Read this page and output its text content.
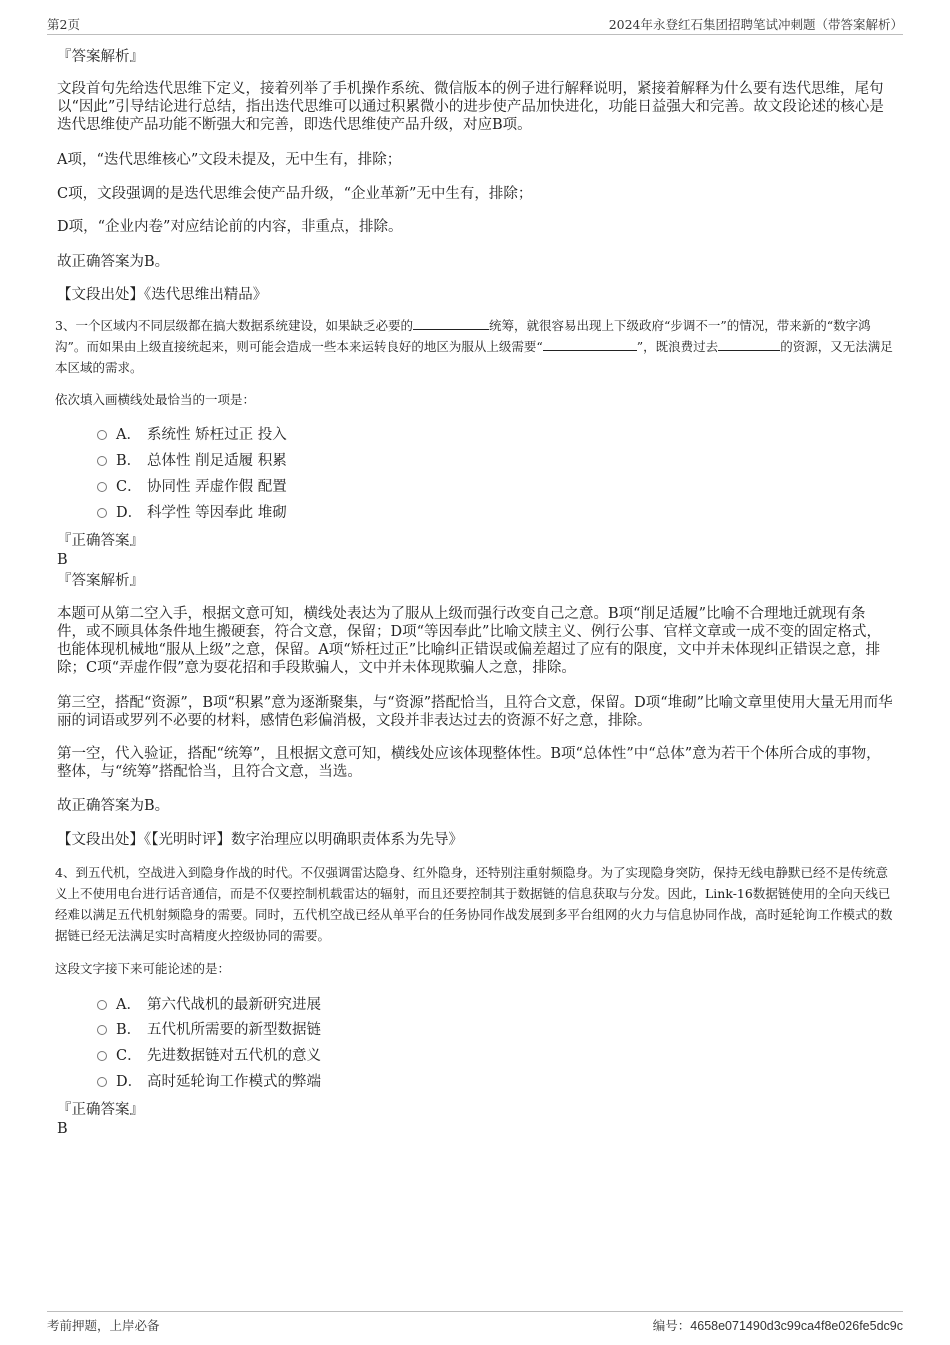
第2页	2024年永登红石集团招聘笔试冲刺题（带答案解析）
『答案解析』

文段首句先给迭代思维下定义，接着列举了手机操作系统、微信版本的例子进行解释说明，紧接着解释为什么要有迭代思维，尾句以“因此”引导结论进行总结，指出迭代思维可以通过积累微小的进步使产品加快进化，功能日益强大和完善。故文段论述的核心是迭代思维使产品功能不断强大和完善，即迭代思维使产品升级，对应B项。

A项，“迭代思维核心”文段未提及，无中生有，排除；

C项，文段强调的是迭代思维会使产品升级，“企业革新”无中生有，排除；

D项，“企业内卷”对应结论前的内容，非重点，排除。

故正确答案为B。

【文段出处】《迭代思维出精品》

3、一个区域内不同层级都在搞大数据系统建设，如果缺乏必要的	统筹，就很容易出现上下级政府“步调不一”的情况，带来新的“数字鸿沟”。而如果由上级直接统起来，则可能会造成一些本来运转良好的地区为服从上级需要“	”，既浪费过去	的资源，又无法满足本区域的需求。

依次填入画横线处最恰当的一项是：

A． 系统性 矫枉过正 投入
B． 总体性 削足适履 积累
C． 协同性 弄虚作假 配置
D． 科学性 等因奉此 堆砌
『正确答案』
B
『答案解析』

本题可从第二空入手，根据文意可知，横线处表达为了服从上级而强行改变自己之意。B项“削足适履”比喻不合理地迁就现有条件，或不顾具体条件地生搬硬套，符合文意，保留；D项“等因奉此”比喻文牍主义、例行公事、官样文章或一成不变的固定格式，也能体现机械地“服从上级”之意，保留。A项“矫枉过正”比喻纠正错误或偏差超过了应有的限度，文中并未体现纠正错误之意，排除；C项“弄虚作假”意为耍花招和手段欺骗人，文中并未体现欺骗人之意，排除。

第三空，搭配“资源”，B项“积累”意为逐渐聚集，与“资源”搭配恰当，且符合文意，保留。D项“堆砌”比喻文章里使用大量无用而华丽的词语或罗列不必要的材料，感情色彩偏消极，文段并非表达过去的资源不好之意，排除。

第一空，代入验证，搭配“统筹”，且根据文意可知，横线处应该体现整体性。B项“总体性”中“总体”意为若干个体所合成的事物，整体，与“统筹”搭配恰当，且符合文意，当选。

故正确答案为B。

【文段出处】《【光明时评】数字治理应以明确职责体系为先导》

4、到五代机，空战进入到隐身作战的时代。不仅强调雷达隐身、红外隐身，还特别注重射频隐身。为了实现隐身突防，保持无线电静默已经不是传统意义上不使用电台进行话音通信，而是不仅要控制机载雷达的辐射，而且还要控制其于数据链的信息获取与分发。因此，Link-16数据链使用的全向天线已经难以满足五代机射频隐身的需要。同时，五代机空战已经从单平台的任务协同作战发展到多平台组网的火力与信息协同作战，高时延轮询工作模式的数据链已经无法满足实时高精度火控级协同的需要。

这段文字接下来可能论述的是：

A． 第六代战机的最新研究进展
B． 五代机所需要的新型数据链
C． 先进数据链对五代机的意义
D． 高时延轮询工作模式的弊端
『正确答案』
B
考前押题，上岸必备	编号：4658e071490d3c99ca4f8e026fe5dc9c
